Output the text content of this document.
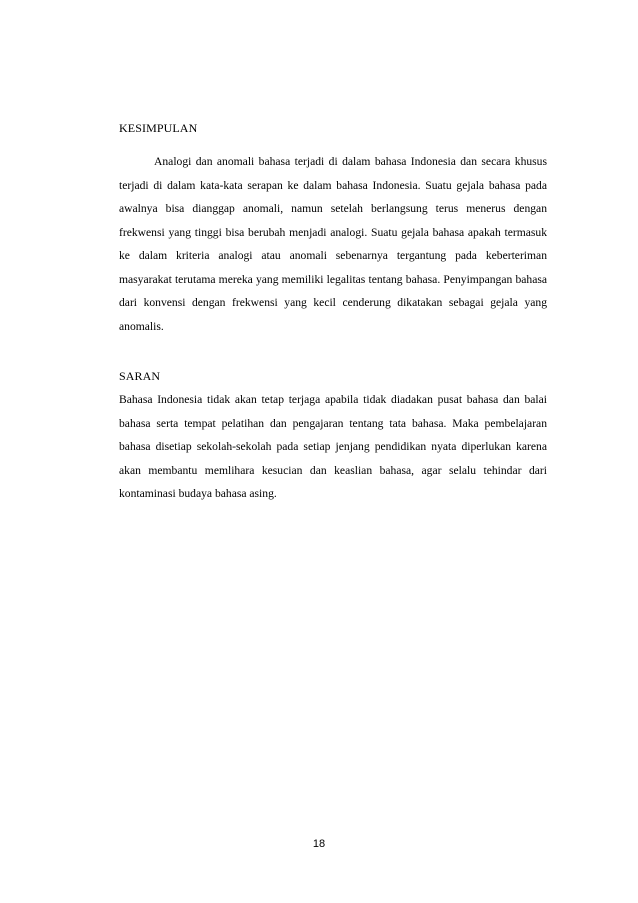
KESIMPULAN

Analogi dan anomali bahasa terjadi di dalam bahasa Indonesia dan secara khusus terjadi di dalam kata-kata serapan ke dalam bahasa Indonesia. Suatu gejala bahasa pada awalnya bisa dianggap anomali, namun setelah berlangsung terus menerus dengan frekwensi yang tinggi bisa berubah menjadi analogi. Suatu gejala bahasa apakah termasuk ke dalam kriteria analogi atau anomali sebenarnya tergantung pada keberteriman masyarakat terutama mereka yang memiliki legalitas tentang bahasa. Penyimpangan bahasa dari konvensi dengan frekwensi yang kecil cenderung dikatakan sebagai gejala yang anomalis.

SARAN

Bahasa Indonesia tidak akan tetap terjaga apabila tidak diadakan pusat bahasa dan balai bahasa serta tempat pelatihan dan pengajaran tentang tata bahasa. Maka pembelajaran bahasa disetiap sekolah-sekolah pada setiap jenjang pendidikan nyata diperlukan karena akan membantu memlihara kesucian dan keaslian bahasa, agar selalu tehindar dari kontaminasi budaya bahasa asing.

18
